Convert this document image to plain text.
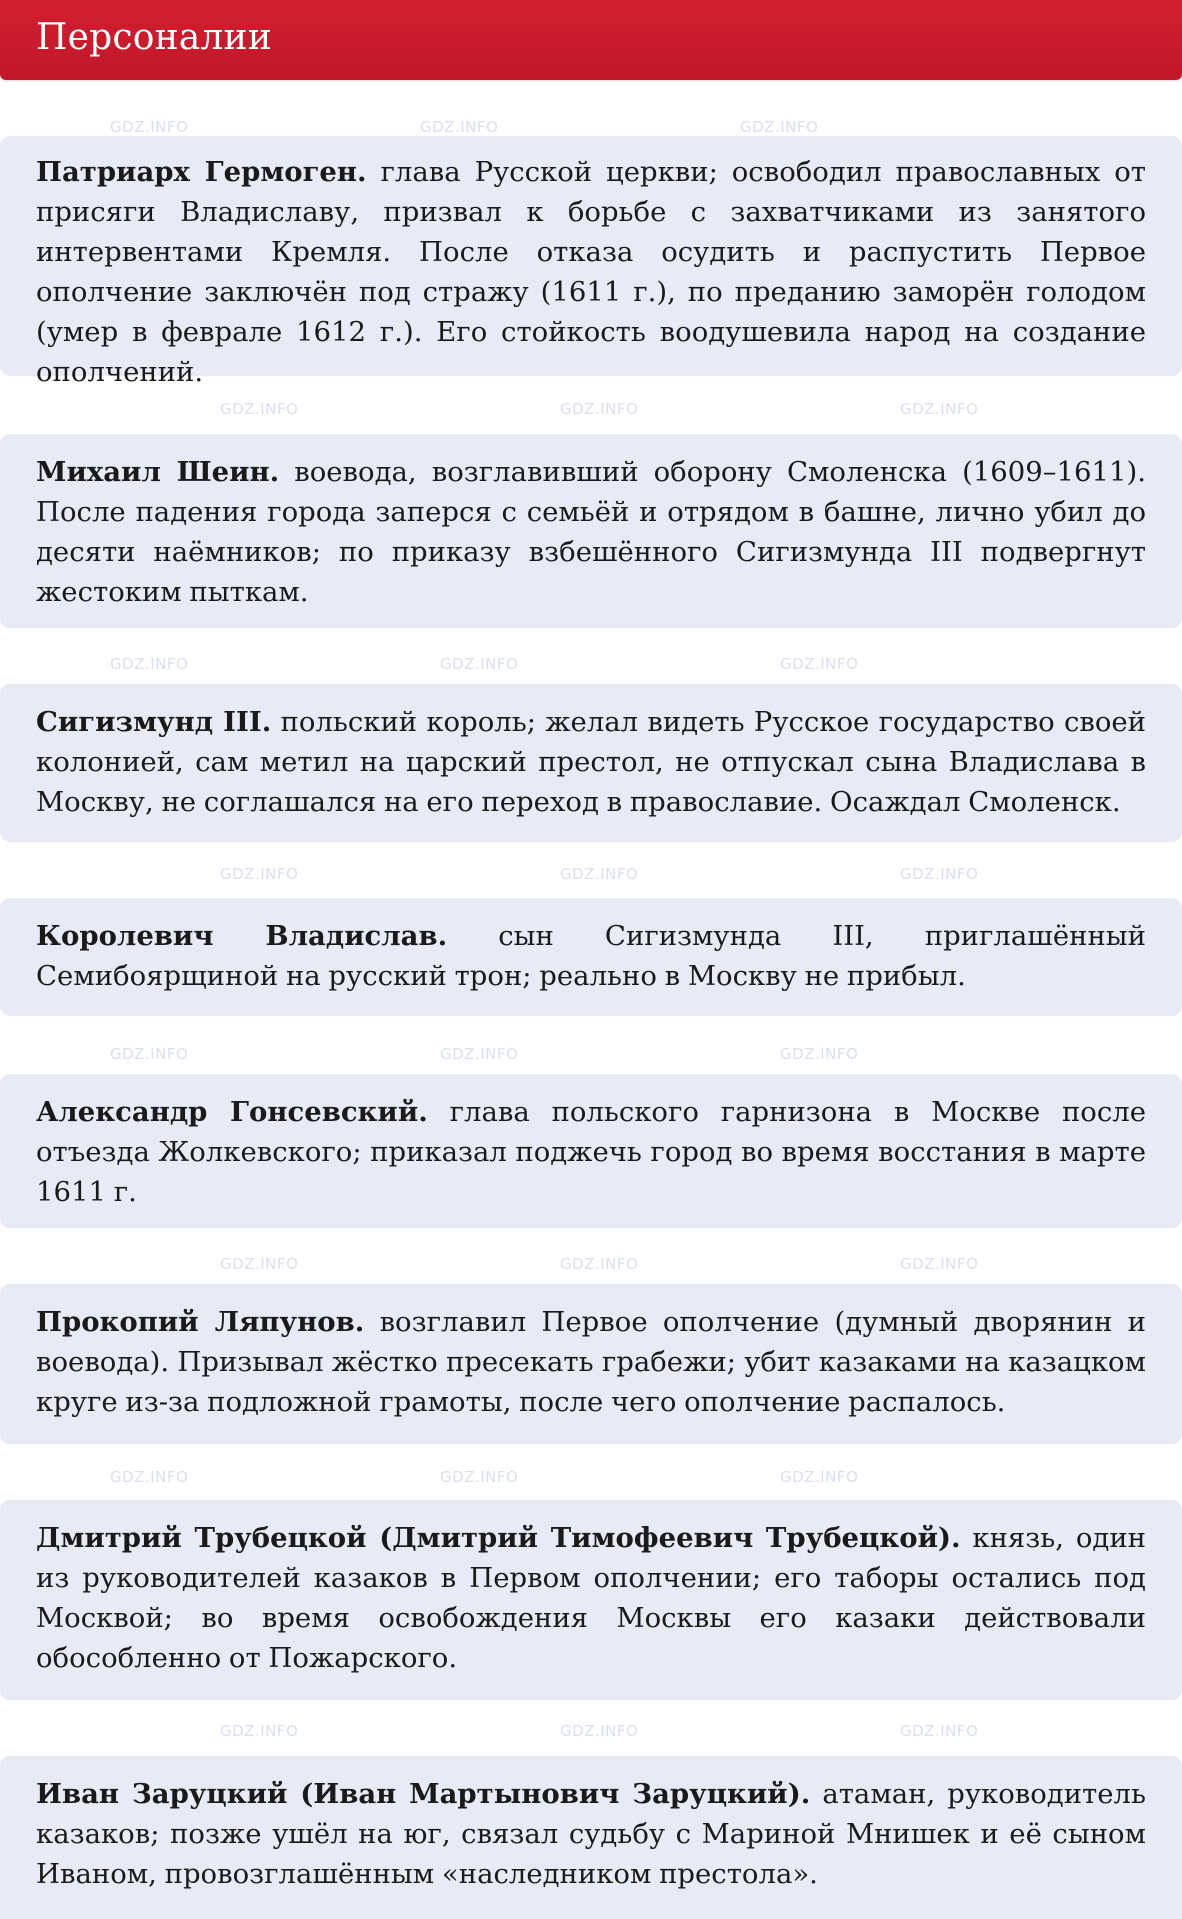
Персоналии
Патриарх Гермоген. глава Русской церкви; освободил православных от присяги Владиславу, призвал к борьбе с захватчиками из занятого интервентами Кремля. После отказа осудить и распустить Первое ополчение заключён под стражу (1611 г.), по преданию заморён голодом (умер в феврале 1612 г.). Его стойкость воодушевила народ на создание ополчений.
Михаил Шеин. воевода, возглавивший оборону Смоленска (1609–1611). После падения города заперся с семьёй и отрядом в башне, лично убил до десяти наёмников; по приказу взбешённого Сигизмунда III подвергнут жестоким пыткам.
Сигизмунд III. польский король; желал видеть Русское государство своей колонией, сам метил на царский престол, не отпускал сына Владислава в Москву, не соглашался на его переход в православие. Осаждал Смоленск.
Королевич Владислав. сын Сигизмунда III, приглашённый Семибоярщиной на русский трон; реально в Москву не прибыл.
Александр Гонсевский. глава польского гарнизона в Москве после отъезда Жолкевского; приказал поджечь город во время восстания в марте 1611 г.
Прокопий Ляпунов. возглавил Первое ополчение (думный дворянин и воевода). Призывал жёстко пресекать грабежи; убит казаками на казацком круге из-за подложной грамоты, после чего ополчение распалось.
Дмитрий Трубецкой (Дмитрий Тимофеевич Трубецкой). князь, один из руководителей казаков в Первом ополчении; его таборы остались под Москвой; во время освобождения Москвы его казаки действовали обособленно от Пожарского.
Иван Заруцкий (Иван Мартынович Заруцкий). атаман, руководитель казаков; позже ушёл на юг, связал судьбу с Мариной Мнишек и её сыном Иваном, провозглашённым «наследником престола».
GDZ.INFO	GDZ.INFO	GDZ.INFO
GDZ.INFO	GDZ.INFO	GDZ.INFO
GDZ.INFO	GDZ.INFO	GDZ.INFO
GDZ.INFO	GDZ.INFO	GDZ.INFO
GDZ.INFO	GDZ.INFO	GDZ.INFO
GDZ.INFO	GDZ.INFO	GDZ.INFO
GDZ.INFO	GDZ.INFO	GDZ.INFO
GDZ.INFO	GDZ.INFO	GDZ.INFO
